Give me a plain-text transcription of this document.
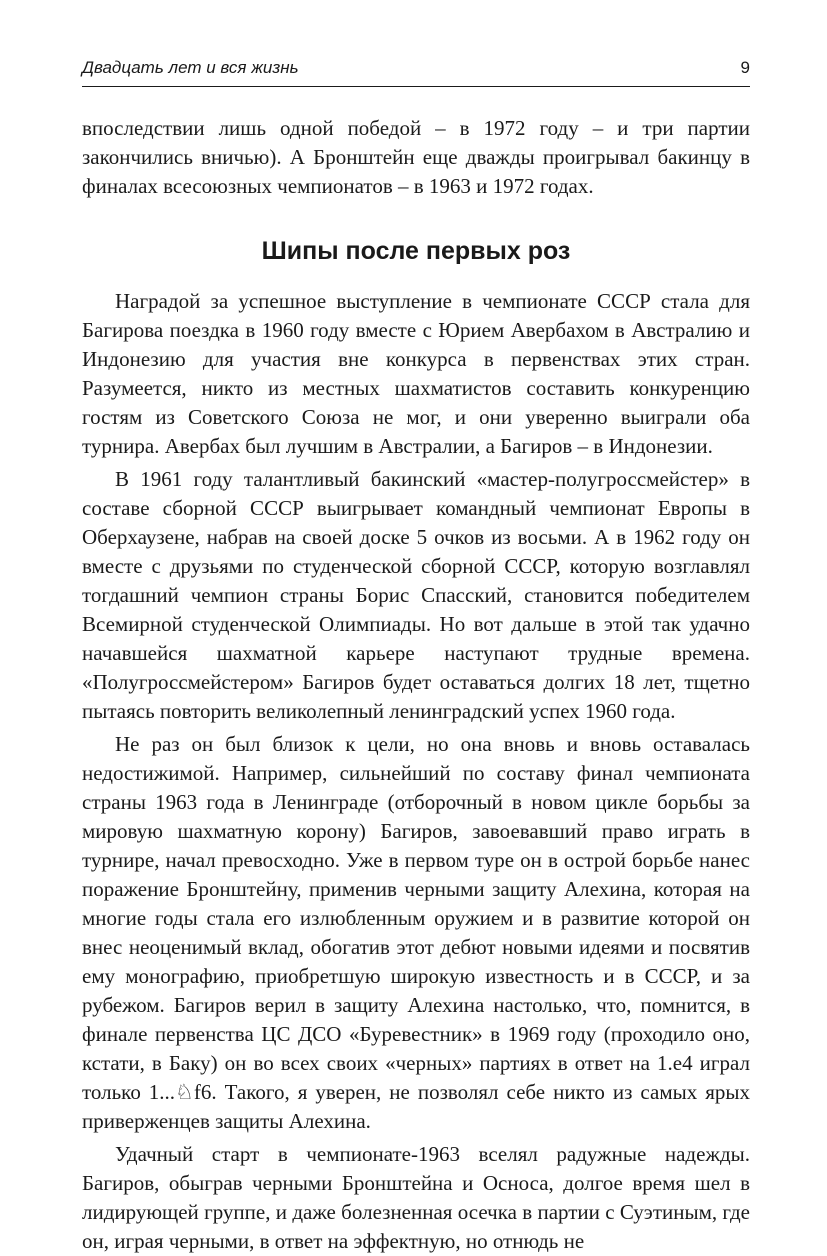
Двадцать лет и вся жизнь	9

впоследствии лишь одной победой – в 1972 году – и три партии закончились вничью). А Бронштейн еще дважды проигрывал бакинцу в финалах всесоюзных чемпионатов – в 1963 и 1972 годах.

Шипы после первых роз

Наградой за успешное выступление в чемпионате СССР стала для Багирова поездка в 1960 году вместе с Юрием Авербахом в Австралию и Индонезию для участия вне конкурса в первенствах этих стран. Разумеется, никто из местных шахматистов составить конкуренцию гостям из Советского Союза не мог, и они уверенно выиграли оба турнира. Авербах был лучшим в Австралии, а Багиров – в Индонезии.

В 1961 году талантливый бакинский «мастер-полугроссмейстер» в составе сборной СССР выигрывает командный чемпионат Европы в Оберхаузене, набрав на своей доске 5 очков из восьми. А в 1962 году он вместе с друзьями по студенческой сборной СССР, которую возглавлял тогдашний чемпион страны Борис Спасский, становится победителем Всемирной студенческой Олимпиады. Но вот дальше в этой так удачно начавшейся шахматной карьере наступают трудные времена. «Полугроссмейстером» Багиров будет оставаться долгих 18 лет, тщетно пытаясь повторить великолепный ленинградский успех 1960 года.

Не раз он был близок к цели, но она вновь и вновь оставалась недостижимой. Например, сильнейший по составу финал чемпионата страны 1963 года в Ленинграде (отборочный в новом цикле борьбы за мировую шахматную корону) Багиров, завоевавший право играть в турнире, начал превосходно. Уже в первом туре он в острой борьбе нанес поражение Бронштейну, применив черными защиту Алехина, которая на многие годы стала его излюбленным оружием и в развитие которой он внес неоценимый вклад, обогатив этот дебют новыми идеями и посвятив ему монографию, приобретшую широкую известность и в СССР, и за рубежом. Багиров верил в защиту Алехина настолько, что, помнится, в финале первенства ЦС ДСО «Буревестник» в 1969 году (проходило оно, кстати, в Баку) он во всех своих «черных» партиях в ответ на 1.e4 играл только 1...♘f6. Такого, я уверен, не позволял себе никто из самых ярых приверженцев защиты Алехина.

Удачный старт в чемпионате-1963 вселял радужные надежды. Багиров, обыграв черными Бронштейна и Осноса, долгое время шел в лидирующей группе, и даже болезненная осечка в партии с Суэтиным, где он, играя черными, в ответ на эффектную, но отнюдь не
